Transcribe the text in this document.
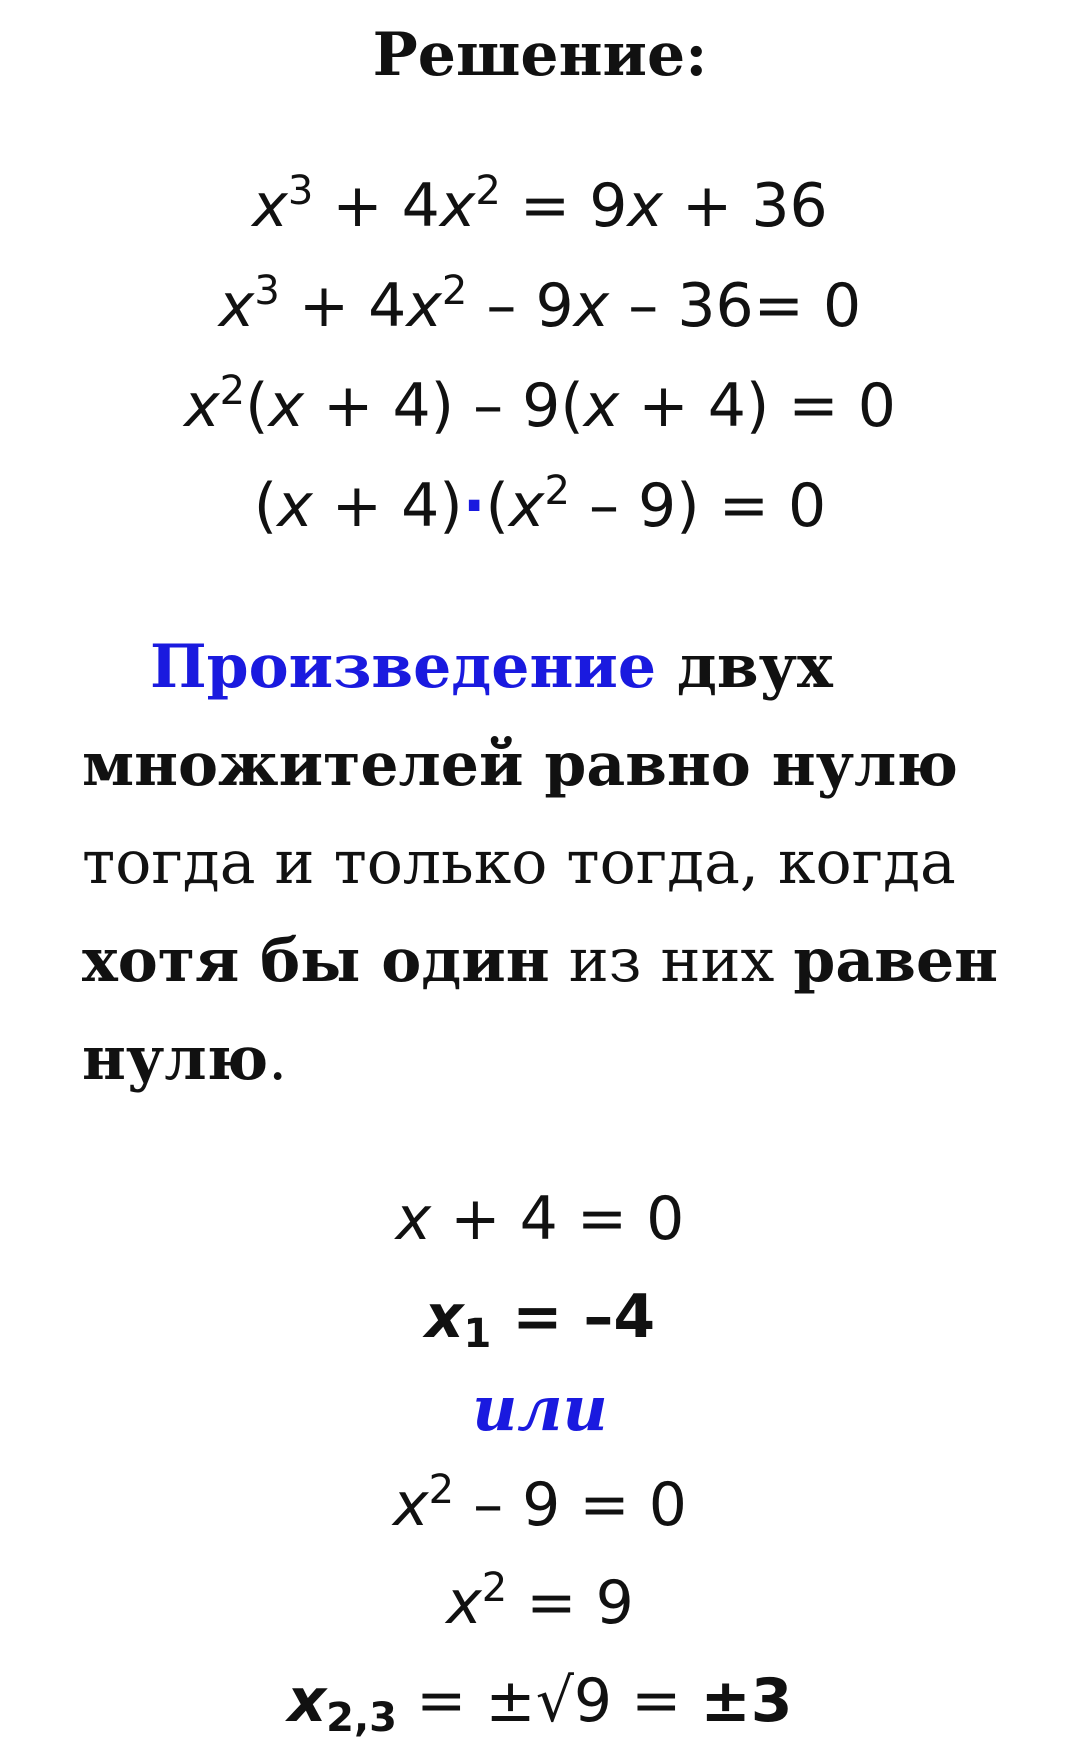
Решение:
$x^3 + 4x^2 = 9x + 36$
$x^3 + 4x^2 - 9x - 36= 0$
$x^2(x + 4) - 9(x + 4) = 0$
$(x + 4)\cdot(x^2 - 9) = 0$
Произведение двух множителей равно нулю тогда и только тогда, когда хотя бы один из них равен нулю.
x + 4 = 0
$x_1 = -4$
или
$x^2 - 9 = 0$
$x^2 = 9$
$x_{2,3} = \pm√9 = \pm 3$
